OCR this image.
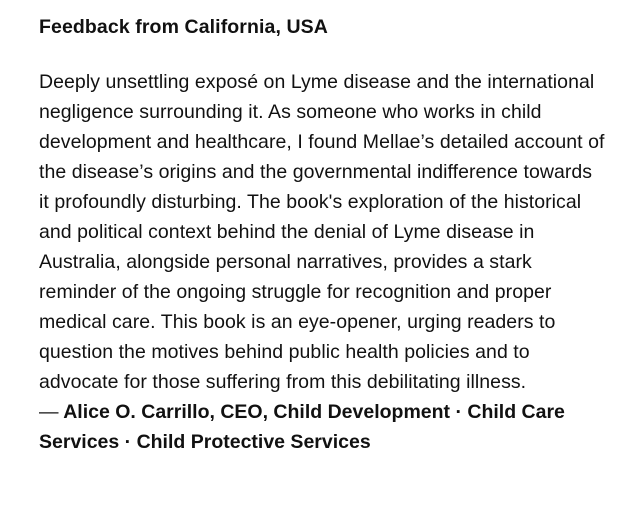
Feedback from California, USA

Deeply unsettling exposé on Lyme disease and the international negligence surrounding it. As someone who works in child development and healthcare, I found Mellae’s detailed account of the disease’s origins and the governmental indifference towards it profoundly disturbing. The book's exploration of the historical and political context behind the denial of Lyme disease in Australia, alongside personal narratives, provides a stark reminder of the ongoing struggle for recognition and proper medical care. This book is an eye-opener, urging readers to question the motives behind public health policies and to advocate for those suffering from this debilitating illness.

— Alice O. Carrillo, CEO, Child Development · Child Care Services · Child Protective Services
